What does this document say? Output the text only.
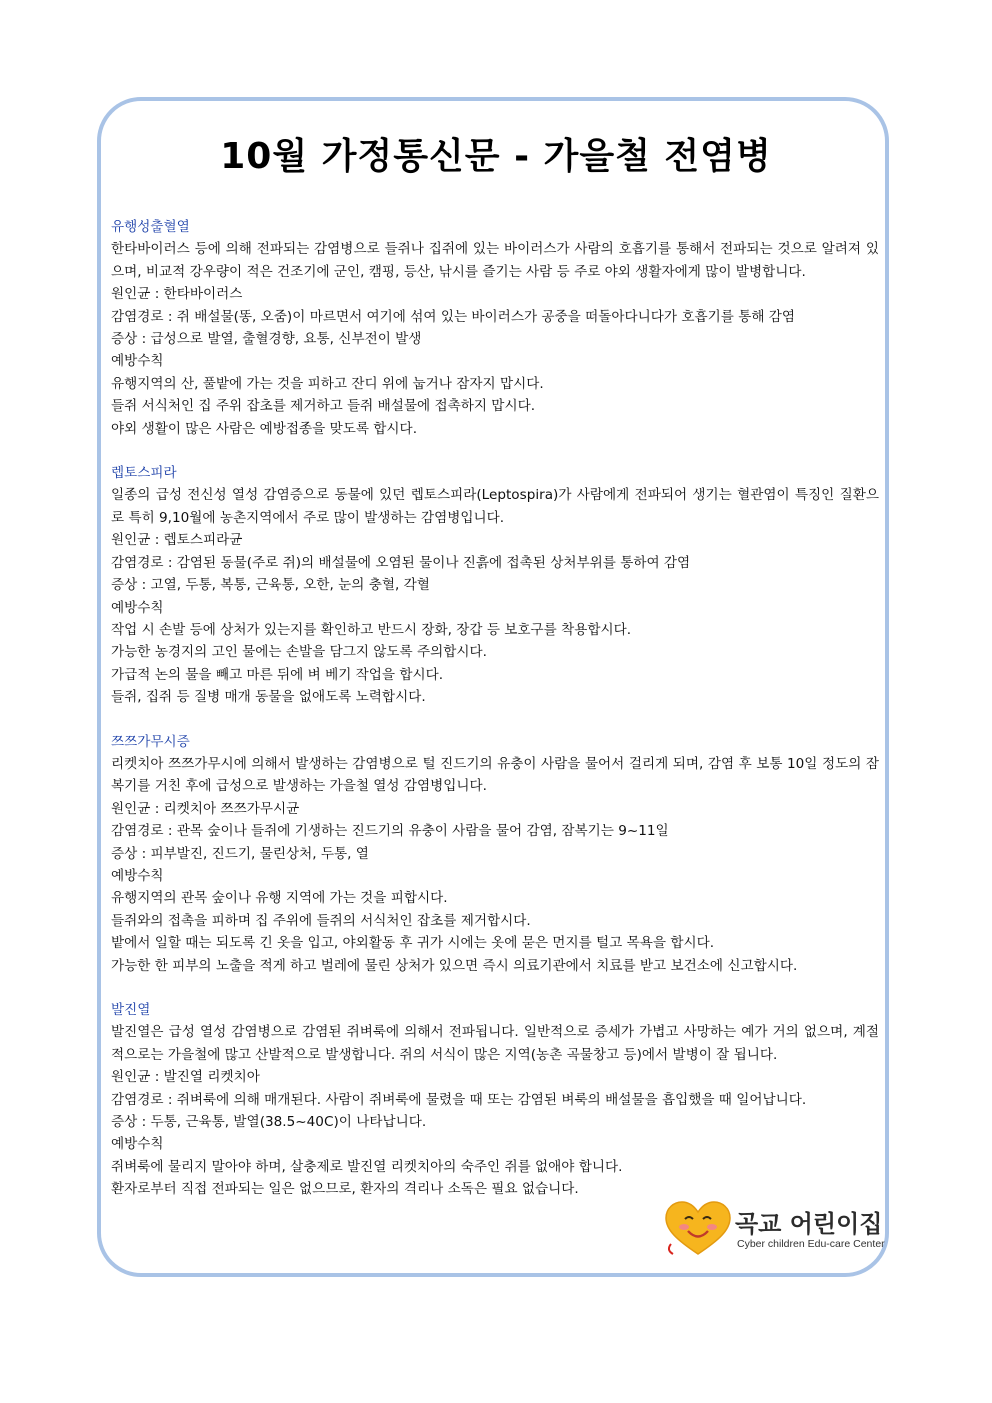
10월 가정통신문 - 가을철 전염병
유행성출혈열
한타바이러스 등에 의해 전파되는 감염병으로 들쥐나 집쥐에 있는 바이러스가 사람의 호흡기를 통해서 전파되는 것으로 알려져 있으며, 비교적 강우량이 적은 건조기에 군인, 캠핑, 등산, 낚시를 즐기는 사람 등 주로 야외 생활자에게 많이 발병합니다.
원인균 : 한타바이러스
감염경로 : 쥐 배설물(똥, 오줌)이 마르면서 여기에 섞여 있는 바이러스가 공중을 떠돌아다니다가 호흡기를 통해 감염
증상 : 급성으로 발열, 출혈경향, 요통, 신부전이 발생
예방수칙
유행지역의 산, 풀밭에 가는 것을 피하고 잔디 위에 눕거나 잠자지 맙시다.
들쥐 서식처인 집 주위 잡초를 제거하고 들쥐 배설물에 접촉하지 맙시다.
야외 생활이 많은 사람은 예방접종을 맞도록 합시다.
렙토스피라
일종의 급성 전신성 열성 감염증으로 동물에 있던 렙토스피라(Leptospira)가 사람에게 전파되어 생기는 혈관염이 특징인 질환으로 특히 9,10월에 농촌지역에서 주로 많이 발생하는 감염병입니다.
원인균 : 렙토스피라균
감염경로 : 감염된 동물(주로 쥐)의 배설물에 오염된 물이나 진흙에 접촉된 상처부위를 통하여 감염
증상 : 고열, 두통, 복통, 근육통, 오한, 눈의 충혈, 각혈
예방수칙
작업 시 손발 등에 상처가 있는지를 확인하고 반드시 장화, 장갑 등 보호구를 착용합시다.
가능한 농경지의 고인 물에는 손발을 담그지 않도록 주의합시다.
가급적 논의 물을 빼고 마른 뒤에 벼 베기 작업을 합시다.
들쥐, 집쥐 등 질병 매개 동물을 없애도록 노력합시다.
쯔쯔가무시증
리켓치아 쯔쯔가무시에 의해서 발생하는 감염병으로 털 진드기의 유충이 사람을 물어서 걸리게 되며, 감염 후 보통 10일 정도의 잠복기를 거친 후에 급성으로 발생하는 가을철 열성 감염병입니다.
원인균 : 리켓치아 쯔쯔가무시균
감염경로 : 관목 숲이나 들쥐에 기생하는 진드기의 유충이 사람을 물어 감염, 잠복기는 9~11일
증상 : 피부발진, 진드기, 물린상처, 두통, 열
예방수칙
유행지역의 관목 숲이나 유행 지역에 가는 것을 피합시다.
들쥐와의 접촉을 피하며 집 주위에 들쥐의 서식처인 잡초를 제거합시다.
밭에서 일할 때는 되도록 긴 옷을 입고, 야외활동 후 귀가 시에는 옷에 묻은 먼지를 털고 목욕을 합시다.
가능한 한 피부의 노출을 적게 하고 벌레에 물린 상처가 있으면 즉시 의료기관에서 치료를 받고 보건소에 신고합시다.
발진열
발진열은 급성 열성 감염병으로 감염된 쥐벼룩에 의해서 전파됩니다. 일반적으로 증세가 가볍고 사망하는 예가 거의 없으며, 계절적으로는 가을철에 많고 산발적으로 발생합니다. 쥐의 서식이 많은 지역(농촌 곡물창고 등)에서 발병이 잘 됩니다.
원인균 : 발진열 리켓치아
감염경로 : 쥐벼룩에 의해 매개된다. 사람이 쥐벼룩에 물렸을 때 또는 감염된 벼룩의 배설물을 흡입했을 때 일어납니다.
증상 : 두통, 근육통, 발열(38.5~40C)이 나타납니다.
예방수칙
쥐벼룩에 물리지 말아야 하며, 살충제로 발진열 리켓치아의 숙주인 쥐를 없애야 합니다.
환자로부터 직접 전파되는 일은 없으므로, 환자의 격리나 소독은 필요 없습니다.
곡교 어린이집
Cyber children Edu-care Center
